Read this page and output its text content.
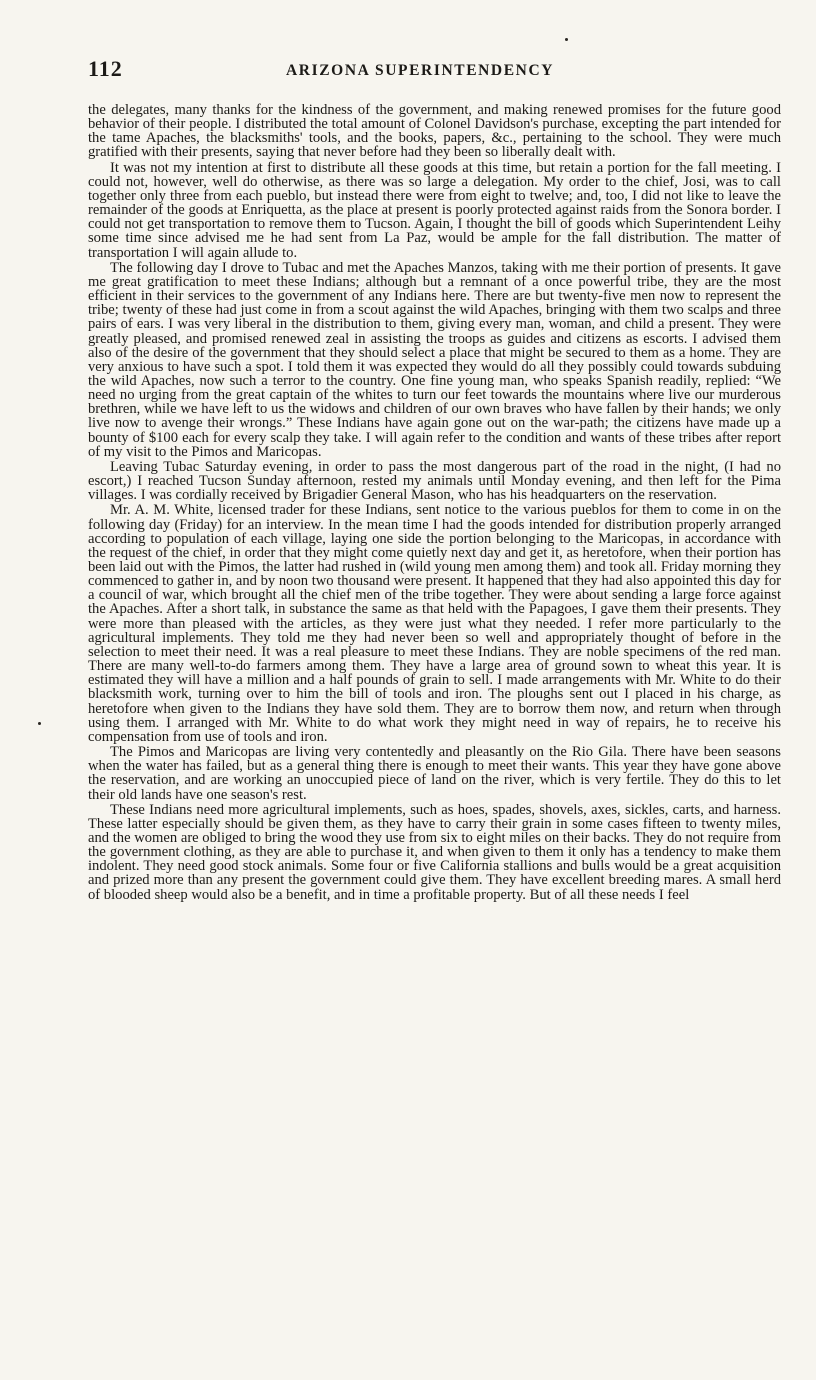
112	ARIZONA SUPERINTENDENCY

the delegates, many thanks for the kindness of the government, and making renewed promises for the future good behavior of their people. I distributed the total amount of Colonel Davidson's purchase, excepting the part intended for the tame Apaches, the blacksmiths' tools, and the books, papers, &c., pertaining to the school. They were much gratified with their presents, saying that never before had they been so liberally dealt with.

It was not my intention at first to distribute all these goods at this time, but retain a portion for the fall meeting. I could not, however, well do otherwise, as there was so large a delegation. My order to the chief, Josi, was to call together only three from each pueblo, but instead there were from eight to twelve; and, too, I did not like to leave the remainder of the goods at Enriquetta, as the place at present is poorly protected against raids from the Sonora border. I could not get transportation to remove them to Tucson. Again, I thought the bill of goods which Superintendent Leihy some time since advised me he had sent from La Paz, would be ample for the fall distribution. The matter of transportation I will again allude to.

The following day I drove to Tubac and met the Apaches Manzos, taking with me their portion of presents. It gave me great gratification to meet these Indians; although but a remnant of a once powerful tribe, they are the most efficient in their services to the government of any Indians here. There are but twenty-five men now to represent the tribe; twenty of these had just come in from a scout against the wild Apaches, bringing with them two scalps and three pairs of ears. I was very liberal in the distribution to them, giving every man, woman, and child a present. They were greatly pleased, and promised renewed zeal in assisting the troops as guides and citizens as escorts. I advised them also of the desire of the government that they should select a place that might be secured to them as a home. They are very anxious to have such a spot. I told them it was expected they would do all they possibly could towards subduing the wild Apaches, now such a terror to the country. One fine young man, who speaks Spanish readily, replied: “We need no urging from the great captain of the whites to turn our feet towards the mountains where live our murderous brethren, while we have left to us the widows and children of our own braves who have fallen by their hands; we only live now to avenge their wrongs.” These Indians have again gone out on the war-path; the citizens have made up a bounty of $100 each for every scalp they take. I will again refer to the condition and wants of these tribes after report of my visit to the Pimos and Maricopas.

Leaving Tubac Saturday evening, in order to pass the most dangerous part of the road in the night, (I had no escort,) I reached Tucson Sunday afternoon, rested my animals until Monday evening, and then left for the Pima villages. I was cordially received by Brigadier General Mason, who has his headquarters on the reservation.

Mr. A. M. White, licensed trader for these Indians, sent notice to the various pueblos for them to come in on the following day (Friday) for an interview. In the mean time I had the goods intended for distribution properly arranged according to population of each village, laying one side the portion belonging to the Maricopas, in accordance with the request of the chief, in order that they might come quietly next day and get it, as heretofore, when their portion has been laid out with the Pimos, the latter had rushed in (wild young men among them) and took all. Friday morning they commenced to gather in, and by noon two thousand were present. It happened that they had also appointed this day for a council of war, which brought all the chief men of the tribe together. They were about sending a large force against the Apaches. After a short talk, in substance the same as that held with the Papagoes, I gave them their presents. They were more than pleased with the articles, as they were just what they needed. I refer more particularly to the agricultural implements. They told me they had never been so well and appropriately thought of before in the selection to meet their need. It was a real pleasure to meet these Indians. They are noble specimens of the red man. There are many well-to-do farmers among them. They have a large area of ground sown to wheat this year. It is estimated they will have a million and a half pounds of grain to sell. I made arrangements with Mr. White to do their blacksmith work, turning over to him the bill of tools and iron. The ploughs sent out I placed in his charge, as heretofore when given to the Indians they have sold them. They are to borrow them now, and return when through using them. I arranged with Mr. White to do what work they might need in way of repairs, he to receive his compensation from use of tools and iron.

The Pimos and Maricopas are living very contentedly and pleasantly on the Rio Gila. There have been seasons when the water has failed, but as a general thing there is enough to meet their wants. This year they have gone above the reservation, and are working an unoccupied piece of land on the river, which is very fertile. They do this to let their old lands have one season's rest.

These Indians need more agricultural implements, such as hoes, spades, shovels, axes, sickles, carts, and harness. These latter especially should be given them, as they have to carry their grain in some cases fifteen to twenty miles, and the women are obliged to bring the wood they use from six to eight miles on their backs. They do not require from the government clothing, as they are able to purchase it, and when given to them it only has a tendency to make them indolent. They need good stock animals. Some four or five California stallions and bulls would be a great acquisition and prized more than any present the government could give them. They have excellent breeding mares. A small herd of blooded sheep would also be a benefit, and in time a profitable property. But of all these needs I feel
